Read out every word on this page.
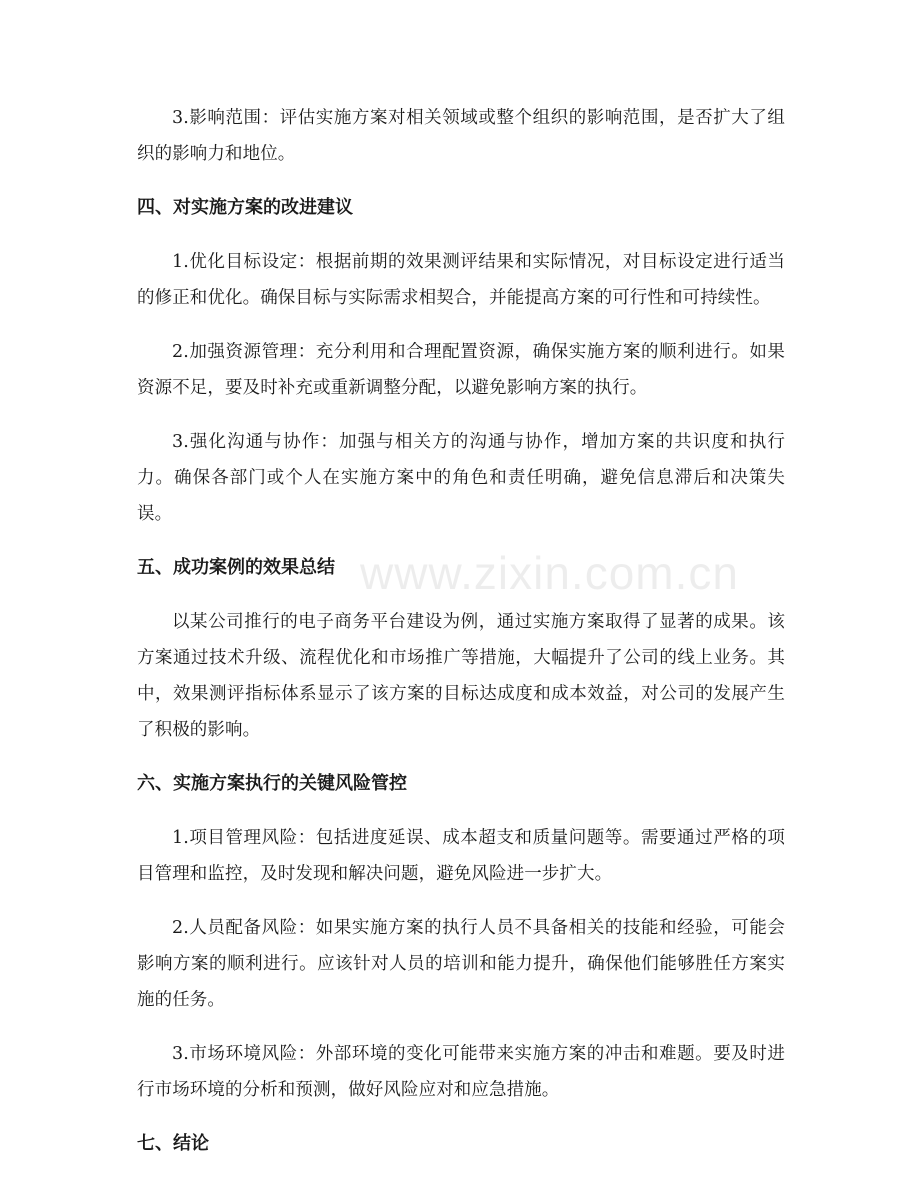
www.zixin.com.cn

3.影响范围：评估实施方案对相关领域或整个组织的影响范围，是否扩大了组织的影响力和地位。

四、对实施方案的改进建议

1.优化目标设定：根据前期的效果测评结果和实际情况，对目标设定进行适当的修正和优化。确保目标与实际需求相契合，并能提高方案的可行性和可持续性。

2.加强资源管理：充分利用和合理配置资源，确保实施方案的顺利进行。如果资源不足，要及时补充或重新调整分配，以避免影响方案的执行。

3.强化沟通与协作：加强与相关方的沟通与协作，增加方案的共识度和执行力。确保各部门或个人在实施方案中的角色和责任明确，避免信息滞后和决策失误。

五、成功案例的效果总结

以某公司推行的电子商务平台建设为例，通过实施方案取得了显著的成果。该方案通过技术升级、流程优化和市场推广等措施，大幅提升了公司的线上业务。其中，效果测评指标体系显示了该方案的目标达成度和成本效益，对公司的发展产生了积极的影响。

六、实施方案执行的关键风险管控

1.项目管理风险：包括进度延误、成本超支和质量问题等。需要通过严格的项目管理和监控，及时发现和解决问题，避免风险进一步扩大。

2.人员配备风险：如果实施方案的执行人员不具备相关的技能和经验，可能会影响方案的顺利进行。应该针对人员的培训和能力提升，确保他们能够胜任方案实施的任务。

3.市场环境风险：外部环境的变化可能带来实施方案的冲击和难题。要及时进行市场环境的分析和预测，做好风险应对和应急措施。

七、结论
